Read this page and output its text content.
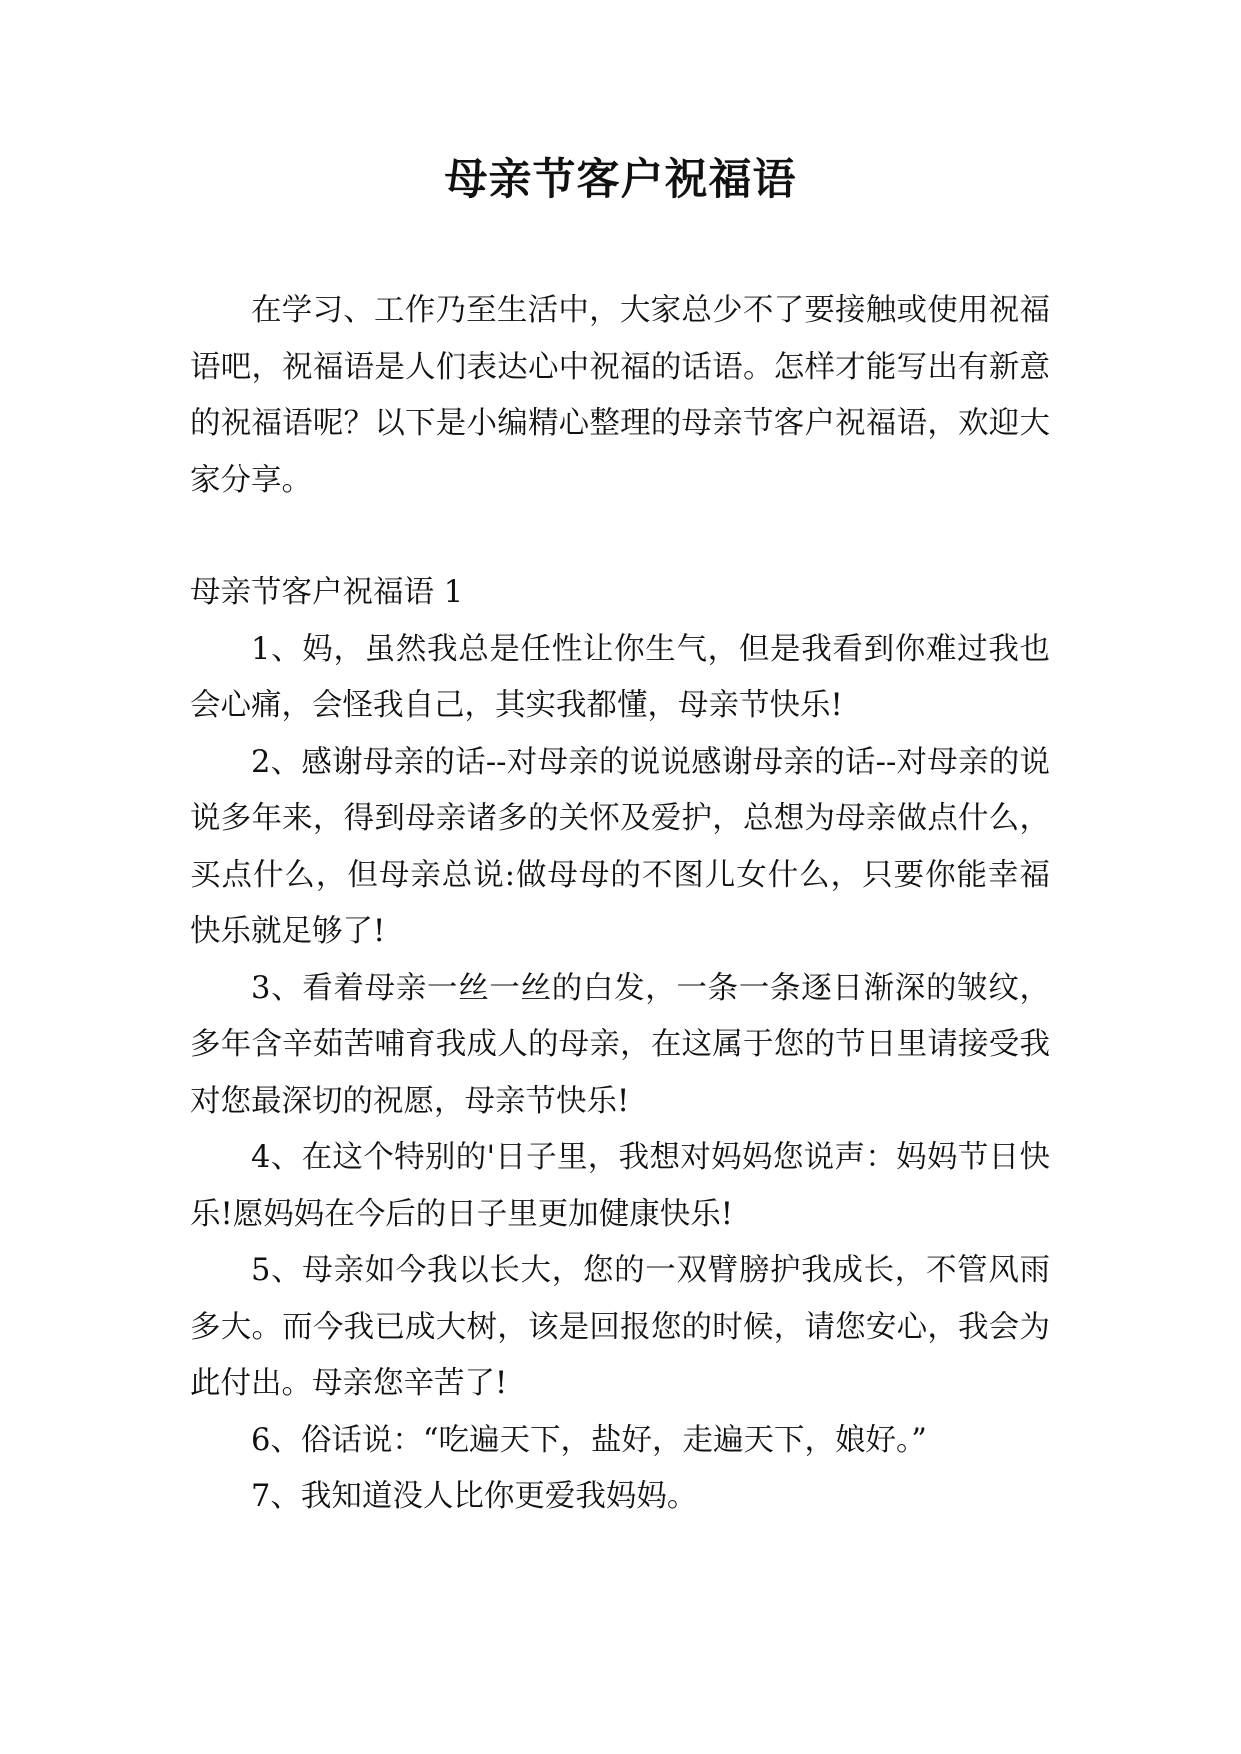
母亲节客户祝福语

在学习、工作乃至生活中，大家总少不了要接触或使用祝福语吧，祝福语是人们表达心中祝福的话语。怎样才能写出有新意的祝福语呢？以下是小编精心整理的母亲节客户祝福语，欢迎大家分享。

母亲节客户祝福语 1

1、妈，虽然我总是任性让你生气，但是我看到你难过我也会心痛，会怪我自己，其实我都懂，母亲节快乐!

2、感谢母亲的话--对母亲的说说感谢母亲的话--对母亲的说说多年来，得到母亲诸多的关怀及爱护，总想为母亲做点什么，买点什么，但母亲总说:做母母的不图儿女什么，只要你能幸福快乐就足够了!

3、看着母亲一丝一丝的白发，一条一条逐日渐深的皱纹，多年含辛茹苦哺育我成人的母亲，在这属于您的节日里请接受我对您最深切的祝愿，母亲节快乐!

4、在这个特别的'日子里，我想对妈妈您说声：妈妈节日快乐!愿妈妈在今后的日子里更加健康快乐!

5、母亲如今我以长大，您的一双臂膀护我成长，不管风雨多大。而今我已成大树，该是回报您的时候，请您安心，我会为此付出。母亲您辛苦了!

6、俗话说：“吃遍天下，盐好，走遍天下，娘好。”

7、我知道没人比你更爱我妈妈。
